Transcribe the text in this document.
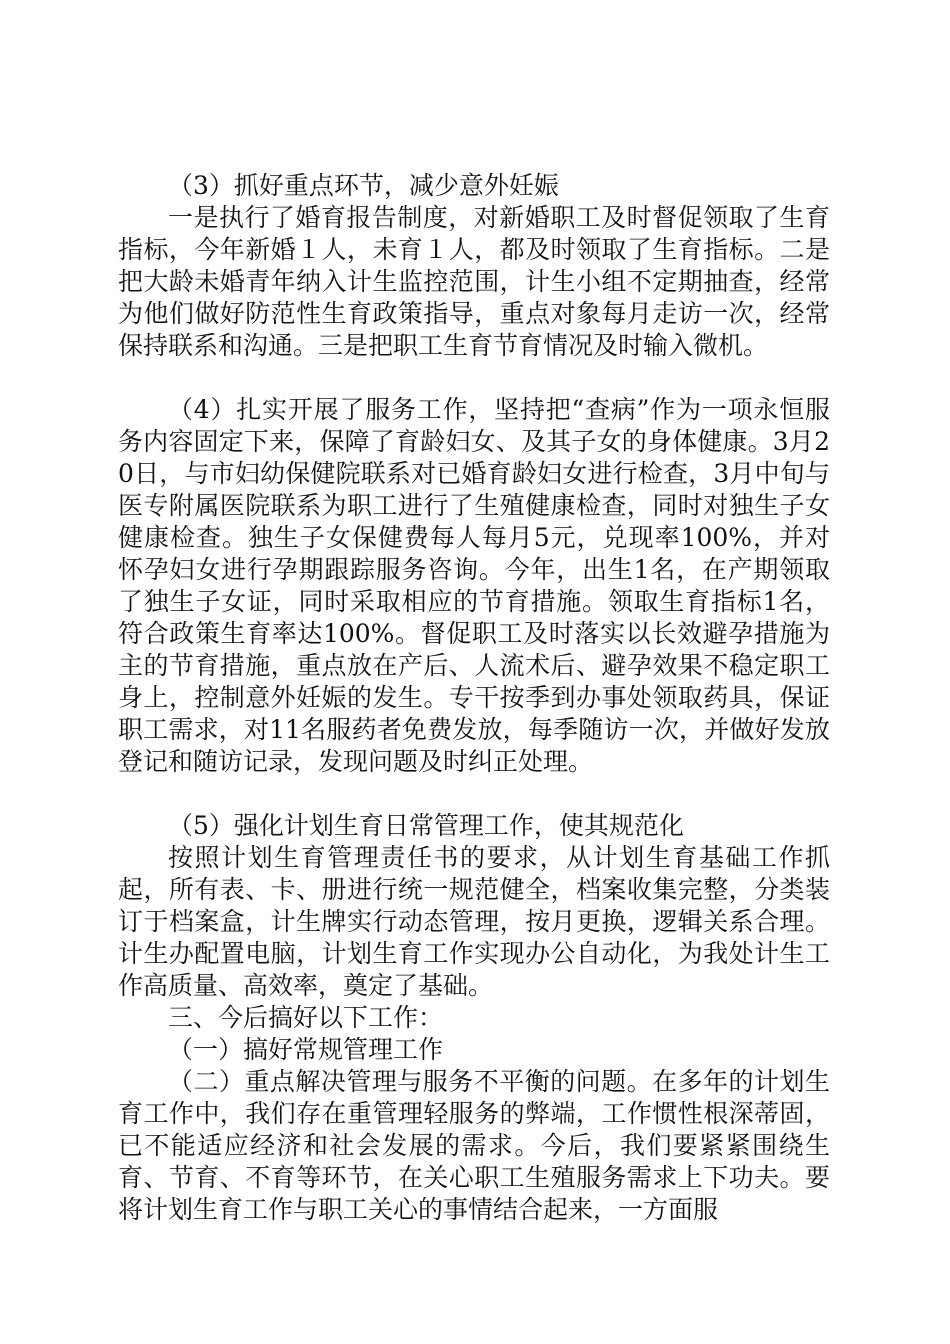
（3）抓好重点环节，减少意外妊娠

一是执行了婚育报告制度，对新婚职工及时督促领取了生育指标，今年新婚１人，未育１人，都及时领取了生育指标。二是把大龄未婚青年纳入计生监控范围，计生小组不定期抽查，经常为他们做好防范性生育政策指导，重点对象每月走访一次，经常保持联系和沟通。三是把职工生育节育情况及时输入微机。

（4）扎实开展了服务工作，坚持把“查病”作为一项永恒服务内容固定下来，保障了育龄妇女、及其子女的身体健康。3月20日，与市妇幼保健院联系对已婚育龄妇女进行检查，3月中旬与医专附属医院联系为职工进行了生殖健康检查，同时对独生子女健康检查。独生子女保健费每人每月5元，兑现率100%，并对怀孕妇女进行孕期跟踪服务咨询。今年，出生1名，在产期领取了独生子女证，同时采取相应的节育措施。领取生育指标1名，符合政策生育率达100%。督促职工及时落实以长效避孕措施为主的节育措施，重点放在产后、人流术后、避孕效果不稳定职工身上，控制意外妊娠的发生。专干按季到办事处领取药具，保证职工需求，对11名服药者免费发放，每季随访一次，并做好发放登记和随访记录，发现问题及时纠正处理。

（5）强化计划生育日常管理工作，使其规范化

按照计划生育管理责任书的要求，从计划生育基础工作抓起，所有表、卡、册进行统一规范健全，档案收集完整，分类装订于档案盒，计生牌实行动态管理，按月更换，逻辑关系合理。计生办配置电脑，计划生育工作实现办公自动化，为我处计生工作高质量、高效率，奠定了基础。

三、今后搞好以下工作：

（一）搞好常规管理工作

（二）重点解决管理与服务不平衡的问题。在多年的计划生育工作中，我们存在重管理轻服务的弊端，工作惯性根深蒂固，已不能适应经济和社会发展的需求。今后，我们要紧紧围绕生育、节育、不育等环节，在关心职工生殖服务需求上下功夫。要将计划生育工作与职工关心的事情结合起来，一方面服
